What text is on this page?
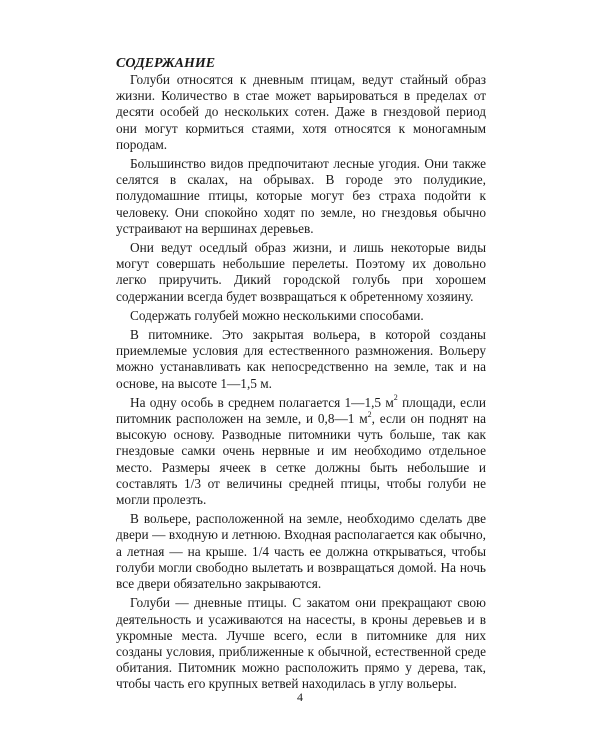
СОДЕРЖАНИЕ

Голуби относятся к дневным птицам, ведут стайный образ жизни. Количество в стае может варьироваться в пределах от десяти особей до нескольких сотен. Даже в гнездовой период они могут кормиться стаями, хотя относятся к моногамным породам.

Большинство видов предпочитают лесные угодия. Они также селятся в скалах, на обрывах. В городе это полудикие, полудомашние птицы, которые могут без страха подойти к человеку. Они спокойно ходят по земле, но гнездовья обычно устраивают на вершинах деревьев.

Они ведут оседлый образ жизни, и лишь некоторые виды могут совершать небольшие перелеты. Поэтому их довольно легко приручить. Дикий городской голубь при хорошем содержании всегда будет возвращаться к обретенному хозяину.

Содержать голубей можно несколькими способами.

В питомнике. Это закрытая вольера, в которой созданы приемлемые условия для естественного размножения. Вольеру можно устанавливать как непосредственно на земле, так и на основе, на высоте 1—1,5 м.

На одну особь в среднем полагается 1—1,5 $м^2$ площади, если питомник расположен на земле, и 0,8—1 $м^2$, если он поднят на высокую основу. Разводные питомники чуть больше, так как гнездовые самки очень нервные и им необходимо отдельное место. Размеры ячеек в сетке должны быть небольшие и составлять 1/3 от величины средней птицы, чтобы голуби не могли пролезть.

В вольере, расположенной на земле, необходимо сделать две двери — входную и летнюю. Входная располагается как обычно, а летная — на крыше. 1/4 часть ее должна открываться, чтобы голуби могли свободно вылетать и возвращаться домой. На ночь все двери обязательно закрываются.

Голуби — дневные птицы. С закатом они прекращают свою деятельность и усаживаются на насесты, в кроны деревьев и в укромные места. Лучше всего, если в питомнике для них созданы условия, приближенные к обычной, естественной среде обитания. Питомник можно расположить прямо у дерева, так, чтобы часть его крупных ветвей находилась в углу вольеры.

4
